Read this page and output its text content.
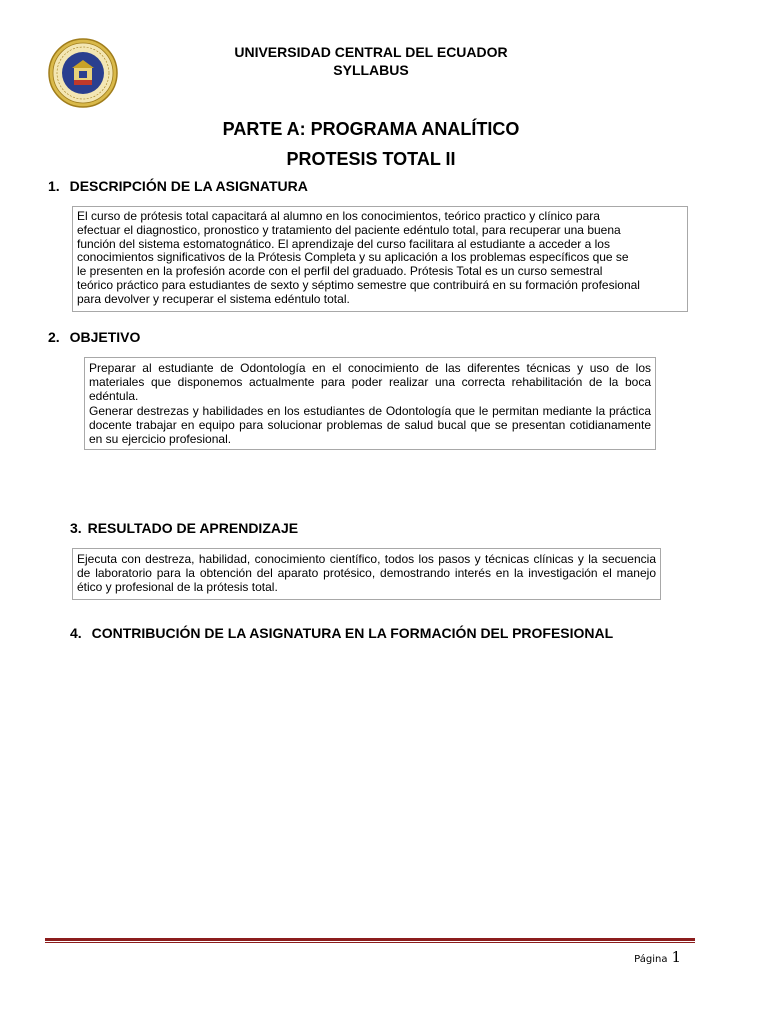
UNIVERSIDAD CENTRAL DEL ECUADOR
SYLLABUS
PARTE A: PROGRAMA ANALÍTICO
PROTESIS TOTAL II
1. DESCRIPCIÓN DE LA ASIGNATURA
El curso de prótesis total capacitará al alumno en los conocimientos, teórico practico y clínico para
efectuar el diagnostico, pronostico y tratamiento del paciente edéntulo total, para recuperar una buena
función del sistema estomatognático. El aprendizaje del curso facilitara al estudiante a acceder a los
conocimientos significativos de la Prótesis Completa y su aplicación a los problemas específicos que se
le presenten en la profesión acorde con el perfil del graduado. Prótesis Total es un curso semestral
teórico práctico para estudiantes de sexto y séptimo semestre que contribuirá en su formación profesional
para devolver y recuperar el sistema edéntulo total.
2. OBJETIVO

Preparar al estudiante de Odontología en el conocimiento de las diferentes técnicas y uso de los materiales que disponemos actualmente para poder realizar una correcta rehabilitación de la boca edéntula.

Generar destrezas y habilidades en los estudiantes de Odontología que le permitan mediante la práctica docente trabajar en equipo para solucionar problemas de salud bucal que se presentan cotidianamente en su ejercicio profesional.

3. RESULTADO DE APRENDIZAJE

Ejecuta con destreza, habilidad, conocimiento científico, todos los pasos y técnicas clínicas y la secuencia de laboratorio para la obtención del aparato protésico, demostrando interés en la investigación el manejo ético y profesional de la prótesis total.

4. CONTRIBUCIÓN DE LA ASIGNATURA EN LA FORMACIÓN DEL PROFESIONAL
Página 1
